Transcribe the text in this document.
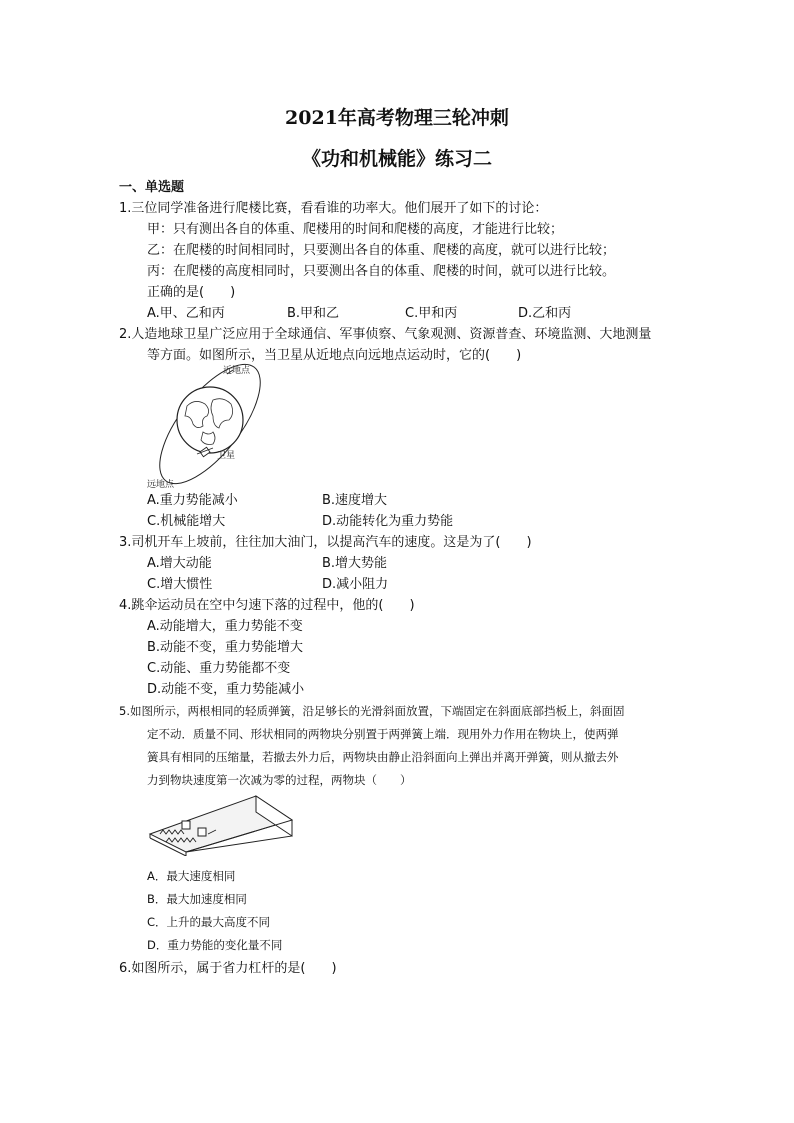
2021年高考物理三轮冲刺
《功和机械能》练习二
一、单选题
1.三位同学准备进行爬楼比赛，看看谁的功率大。他们展开了如下的讨论：
甲：只有测出各自的体重、爬楼用的时间和爬楼的高度，才能进行比较；
乙：在爬楼的时间相同时，只要测出各自的体重、爬楼的高度，就可以进行比较；
丙：在爬楼的高度相同时，只要测出各自的体重、爬楼的时间，就可以进行比较。
正确的是(　　)
A.甲、乙和丙	B.甲和乙	C.甲和丙	D.乙和丙
2.人造地球卫星广泛应用于全球通信、军事侦察、气象观测、资源普查、环境监测、大地测量
等方面。如图所示，当卫星从近地点向远地点运动时，它的(　　)
近地点
卫星
远地点
A.重力势能减小	B.速度增大
C.机械能增大	D.动能转化为重力势能
3.司机开车上坡前，往往加大油门，以提高汽车的速度。这是为了(　　)
A.增大动能	B.增大势能
C.增大惯性	D.减小阻力
4.跳伞运动员在空中匀速下落的过程中，他的(　　)
A.动能增大，重力势能不变
B.动能不变，重力势能增大
C.动能、重力势能都不变
D.动能不变，重力势能减小
5.如图所示，两根相同的轻质弹簧，沿足够长的光滑斜面放置，下端固定在斜面底部挡板上，斜面固
定不动．质量不同、形状相同的两物块分别置于两弹簧上端．现用外力作用在物块上，使两弹
簧具有相同的压缩量，若撤去外力后，两物块由静止沿斜面向上弹出并离开弹簧，则从撤去外
力到物块速度第一次减为零的过程，两物块（　　）
A．最大速度相同
B．最大加速度相同
C．上升的最大高度不同
D．重力势能的变化量不同
6.如图所示，属于省力杠杆的是(　　)
